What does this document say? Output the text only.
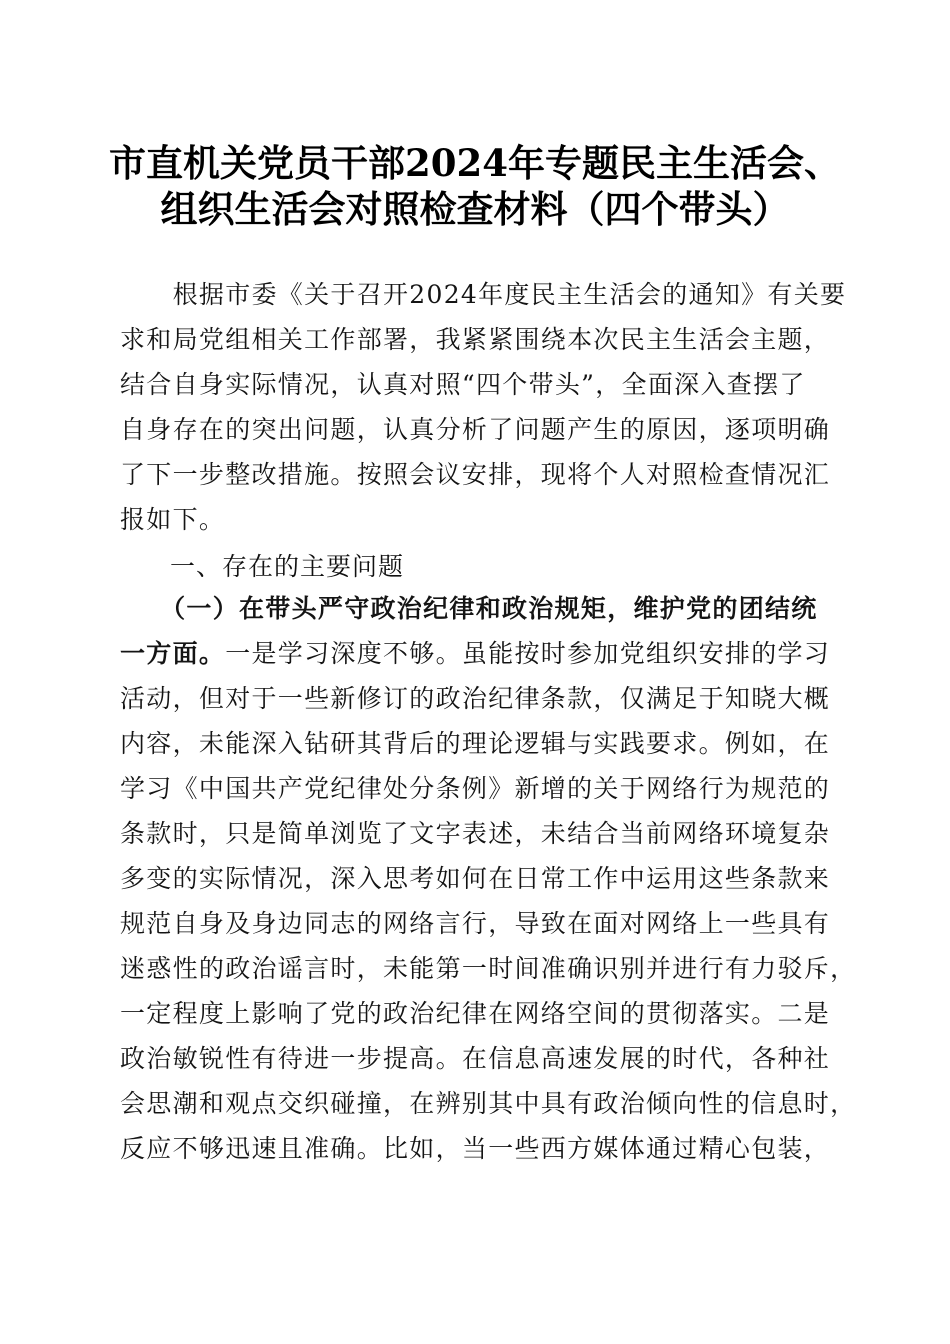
市直机关党员干部2024年专题民主生活会、
组织生活会对照检查材料（四个带头）
　　根据市委《关于召开2024年度民主生活会的通知》有关要
求和局党组相关工作部署，我紧紧围绕本次民主生活会主题，
结合自身实际情况，认真对照“四个带头”，全面深入查摆了
自身存在的突出问题，认真分析了问题产生的原因，逐项明确
了下一步整改措施。按照会议安排，现将个人对照检查情况汇
报如下。
一、存在的主要问题
　　（一）在带头严守政治纪律和政治规矩，维护党的团结统
一方面。一是学习深度不够。虽能按时参加党组织安排的学习
活动，但对于一些新修订的政治纪律条款，仅满足于知晓大概
内容，未能深入钻研其背后的理论逻辑与实践要求。例如，在
学习《中国共产党纪律处分条例》新增的关于网络行为规范的
条款时，只是简单浏览了文字表述，未结合当前网络环境复杂
多变的实际情况，深入思考如何在日常工作中运用这些条款来
规范自身及身边同志的网络言行，导致在面对网络上一些具有
迷惑性的政治谣言时，未能第一时间准确识别并进行有力驳斥，
一定程度上影响了党的政治纪律在网络空间的贯彻落实。二是
政治敏锐性有待进一步提高。在信息高速发展的时代，各种社
会思潮和观点交织碰撞，在辨别其中具有政治倾向性的信息时，
反应不够迅速且准确。比如，当一些西方媒体通过精心包装，
